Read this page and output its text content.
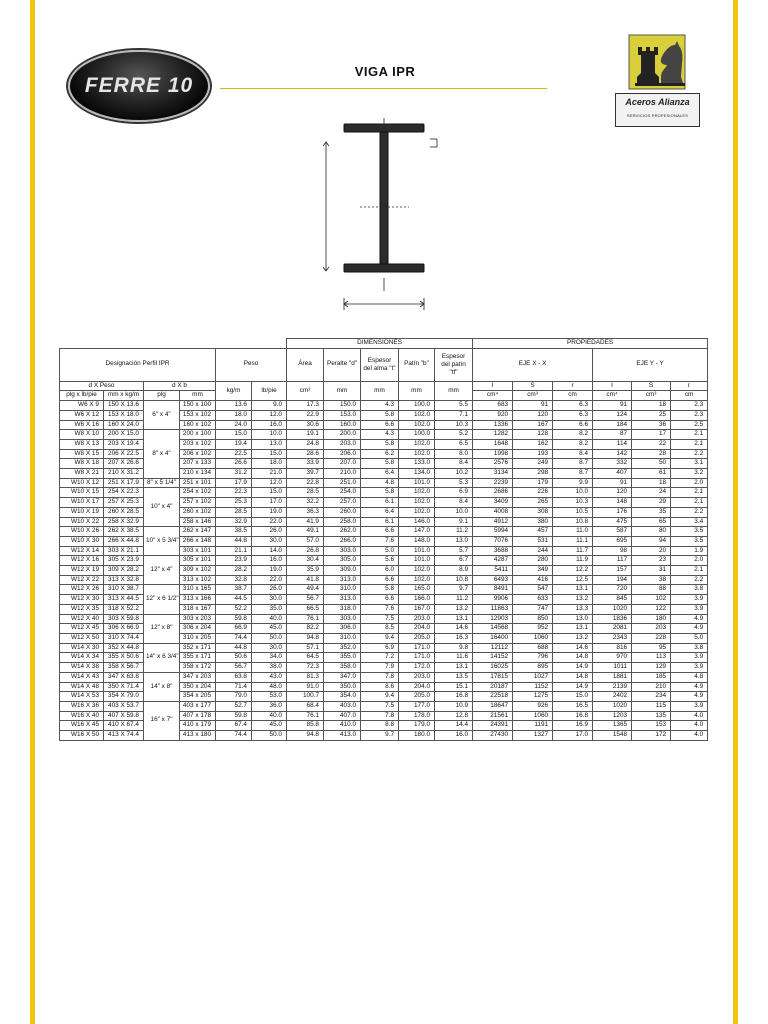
FERRE 10
VIGA IPR
Aceros Alianza
SERVICIOS PROFESIONALES
						DIMENSIONES					PROPIEDADES					
Designación Perfil IPR				Peso		Área	Peralte "d"	Espesor del alma "t"	Patín "b"	Espesor del patín "tf"	EJE X - X			EJE Y - Y		
d X Peso		d X b		kg/m	lb/pie	cm²	mm	mm	mm	mm	I	S	r	I	S	r
plg x lb/pie	mm x kg/m	plg	mm								cm⁴	cm³	cm	cm⁴	cm³	cm
W6 X 9	150 X 13.6	6" x 4"	150 x 100	13.6	9.0	17.3	150.0	4.3	100.0	5.5	683	91	6.3	91	18	2.3
W6 X 12	153 X 18.0		153 x 102	18.0	12.0	22.9	153.0	5.8	102.0	7.1	920	120	6.3	124	25	2.3
W6 X 16	160 X 24.0		160 x 102	24.0	16.0	30.6	160.0	6.6	102.0	10.3	1336	167	6.6	184	36	2.5
W8 X 10	200 X 15.0	8" x 4"	200 x 100	15.0	10.0	19.1	200.0	4.3	100.0	5.2	1282	128	8.2	87	17	2.1
W8 X 13	203 X 19.4		203 x 102	19.4	13.0	24.8	203.0	5.8	102.0	6.5	1648	162	8.2	114	22	2.1
W8 X 15	206 X 22.5		206 x 102	22.5	15.0	28.6	206.0	6.2	102.0	8.0	1998	193	8.4	142	28	2.2
W8 X 18	207 X 26.6		207 x 133	26.6	18.0	33.9	207.0	5.8	133.0	8.4	2576	249	8.7	332	50	3.1
W8 X 21	210 X 31.2		210 x 134	31.2	21.0	39.7	210.0	6.4	134.0	10.2	3134	298	8.7	407	61	3.2
W10 X 12	251 X 17.9	8" x 5 1/4"	251 x 101	17.9	12.0	22.8	251.0	4.8	101.0	5.3	2239	179	9.9	91	18	2.0
W10 X 15	254 X 22.3	10" x 4"	254 x 102	22.3	15.0	28.5	254.0	5.8	102.0	6.9	2686	226	10.0	120	24	2.1
W10 X 17	257 X 25.3		257 x 102	25.3	17.0	32.2	257.0	6.1	102.0	8.4	3409	265	10.3	148	29	2.1
W10 X 19	260 X 28.5		260 x 102	28.5	19.0	36.3	260.0	6.4	102.0	10.0	4008	308	10.5	176	35	2.2
W10 X 22	258 X 32.9		258 x 146	32.9	22.0	41.9	258.0	6.1	146.0	9.1	4912	380	10.8	475	65	3.4
W10 X 26	262 X 38.5	10" x 5 3/4"	262 x 147	38.5	26.0	49.1	262.0	6.6	147.0	11.2	5994	457	11.0	587	80	3.5
W10 X 30	266 X 44.8		266 x 148	44.8	30.0	57.0	266.0	7.6	148.0	13.0	7076	531	11.1	695	94	3.5
W12 X 14	303 X 21.1		303 x 101	21.1	14.0	26.8	303.0	5.0	101.0	5.7	3688	244	11.7	98	20	1.9
W12 X 16	305 X 23.9	12" x 4"	305 x 101	23.9	16.0	30.4	305.0	5.6	101.0	6.7	4287	280	11.9	117	23	2.0
W12 X 19	309 X 28.2		309 x 102	28.2	19.0	35.9	309.0	6.0	102.0	8.9	5411	349	12.2	157	31	2.1
W12 X 22	313 X 32.8		313 x 102	32.8	22.0	41.8	313.0	6.6	102.0	10.8	6493	416	12.5	194	38	2.2
W12 X 26	310 X 38.7	12" x 6 1/2"	310 x 165	38.7	26.0	49.4	310.0	5.8	165.0	9.7	8491	547	13.1	720	88	3.8
W12 X 30	313 X 44.5		313 x 166	44.5	30.0	56.7	313.0	6.6	166.0	11.2	9906	633	13.2	845	102	3.9
W12 X 35	318 X 52.2		318 x 167	52.2	35.0	66.5	318.0	7.6	167.0	13.2	11863	747	13.3	1020	122	3.9
W12 X 40	303 X 59.8	12" x 8"	303 x 203	59.8	40.0	76.1	303.0	7.5	203.0	13.1	12903	850	13.0	1836	180	4.9
W12 X 45	306 X 66.9		306 x 204	66.9	45.0	82.2	306.0	8.5	204.0	14.6	14568	952	13.1	2081	203	4.9
W12 X 50	310 X 74.4		310 x 205	74.4	50.0	94.8	310.0	9.4	205.0	16.3	16400	1060	13.2	2343	228	5.0
W14 X 30	352 X 44.8	14" x 6 3/4"	352 x 171	44.8	30.0	57.1	352.0	6.9	171.0	9.8	12112	688	14.6	816	95	3.8
W14 X 34	355 X 50.6		355 x 171	50.6	34.0	64.5	355.0	7.2	171.0	11.6	14152	796	14.8	970	113	3.9
W14 X 38	358 X 56.7		358 x 172	56.7	38.0	72.3	358.0	7.9	172.0	13.1	16025	895	14.9	1011	129	3.9
W14 X 43	347 X 63.8	14" x 8"	347 x 203	63.8	43.0	81.3	347.0	7.8	203.0	13.5	17815	1027	14.8	1881	185	4.8
W14 X 48	350 X 71.4		350 x 204	71.4	48.0	91.0	350.0	8.6	204.0	15.1	20187	1152	14.9	2139	210	4.9
W14 X 53	354 X 79.0		354 x 205	79.0	53.0	100.7	354.0	9.4	205.0	16.8	22518	1275	15.0	2402	234	4.9
W16 X 36	403 X 53.7	16" x 7"	403 x 177	52.7	36.0	68.4	403.0	7.5	177.0	10.9	18647	926	16.5	1020	115	3.9
W16 X 40	407 X 59.8		407 x 178	59.8	40.0	76.1	407.0	7.8	178.0	12.8	21561	1060	16.8	1203	135	4.0
W16 X 45	410 X 67.4		410 x 179	67.4	45.0	85.8	410.0	8.8	179.0	14.4	24391	1191	16.9	1365	153	4.0
W16 X 50	413 X 74.4		413 x 180	74.4	50.0	94.8	413.0	9.7	180.0	16.0	27430	1327	17.0	1548	172	4.0
